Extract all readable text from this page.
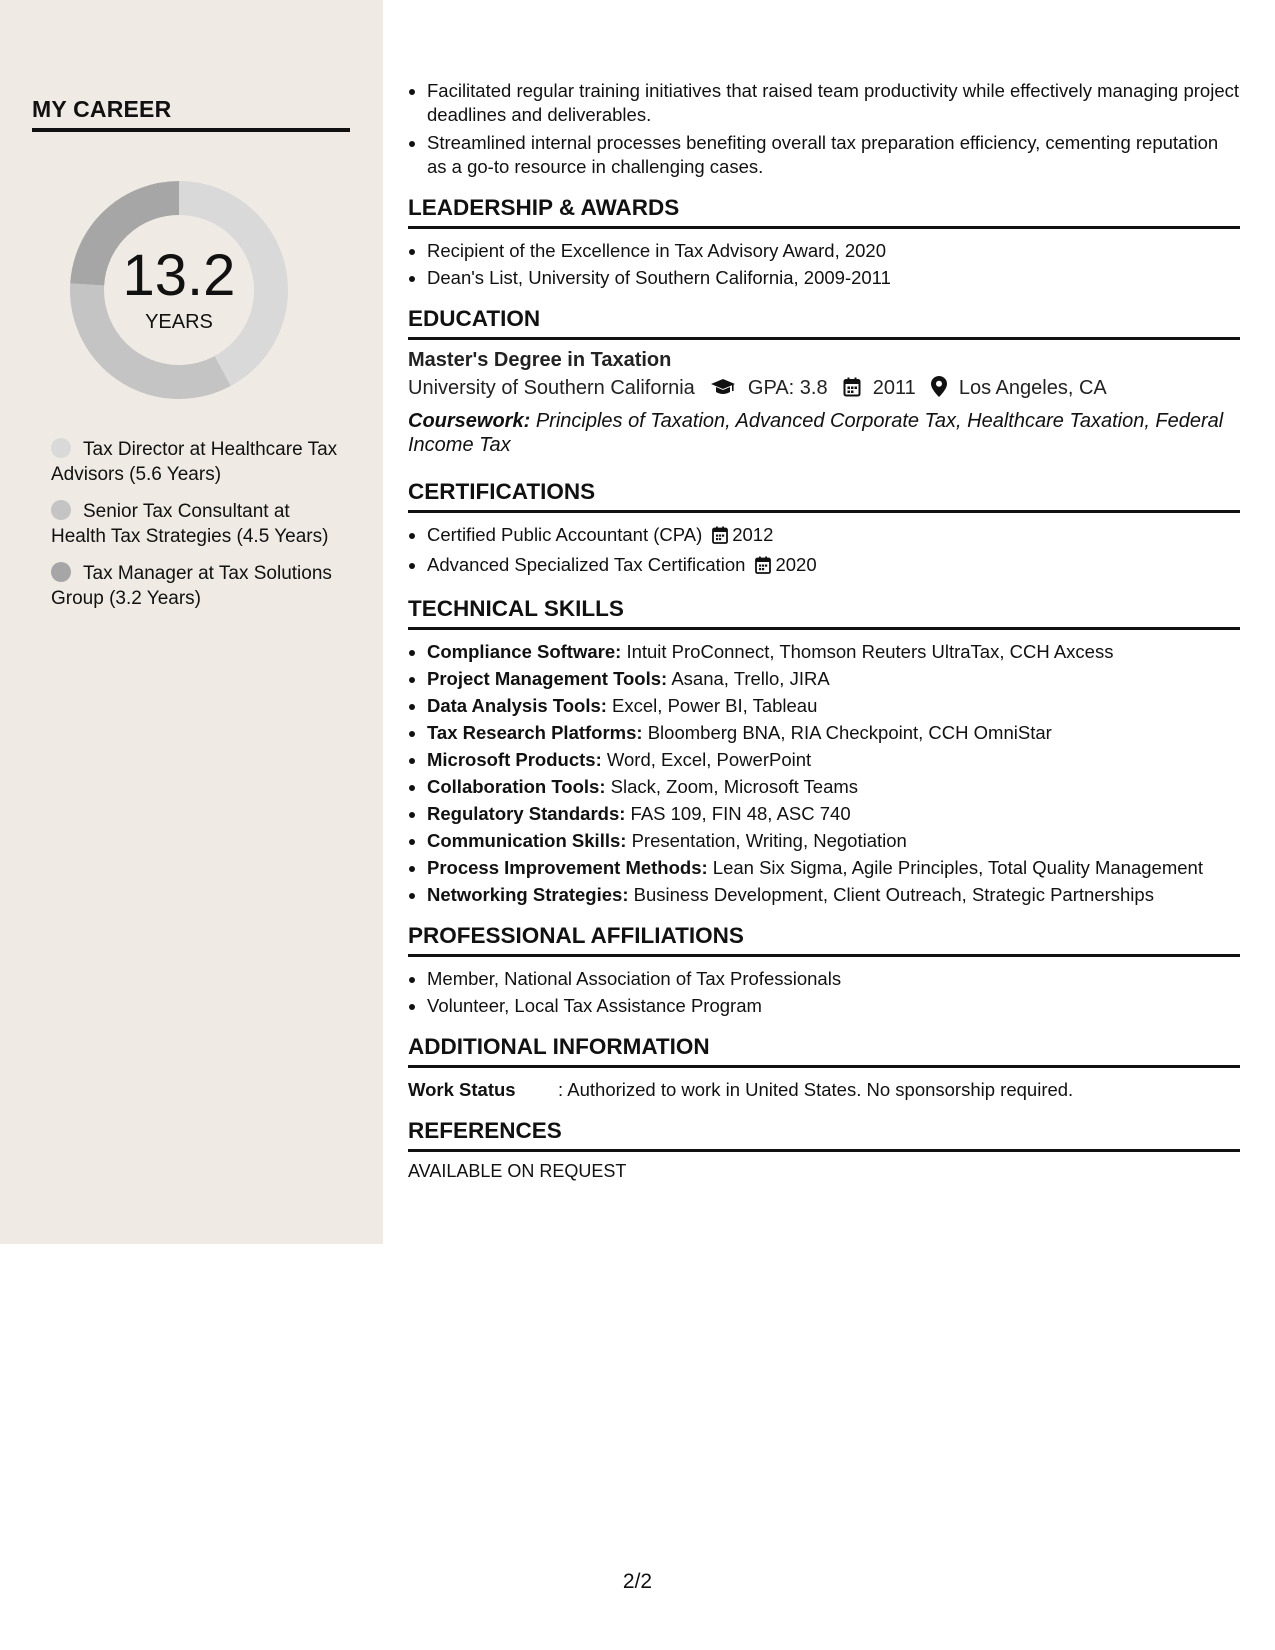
MY CAREER
13.2
YEARS
Tax Director at Healthcare Tax Advisors (5.6 Years)
Senior Tax Consultant at Health Tax Strategies (4.5 Years)
Tax Manager at Tax Solutions Group (3.2 Years)
• Facilitated regular training initiatives that raised team productivity while effectively managing project deadlines and deliverables.
• Streamlined internal processes benefiting overall tax preparation efficiency, cementing reputation as a go-to resource in challenging cases.
LEADERSHIP & AWARDS
• Recipient of the Excellence in Tax Advisory Award, 2020
• Dean's List, University of Southern California, 2009-2011
EDUCATION
Master's Degree in Taxation
University of Southern California	GPA: 3.8 2011 Los Angeles, CA
Coursework: Principles of Taxation, Advanced Corporate Tax, Healthcare Taxation, Federal Income Tax
CERTIFICATIONS
• Certified Public Accountant (CPA) 2012
• Advanced Specialized Tax Certification 2020
TECHNICAL SKILLS
• Compliance Software: Intuit ProConnect, Thomson Reuters UltraTax, CCH Axcess
• Project Management Tools: Asana, Trello, JIRA
• Data Analysis Tools: Excel, Power BI, Tableau
• Tax Research Platforms: Bloomberg BNA, RIA Checkpoint, CCH OmniStar
• Microsoft Products: Word, Excel, PowerPoint
• Collaboration Tools: Slack, Zoom, Microsoft Teams
• Regulatory Standards: FAS 109, FIN 48, ASC 740
• Communication Skills: Presentation, Writing, Negotiation
• Process Improvement Methods: Lean Six Sigma, Agile Principles, Total Quality Management
• Networking Strategies: Business Development, Client Outreach, Strategic Partnerships
PROFESSIONAL AFFILIATIONS
• Member, National Association of Tax Professionals
• Volunteer, Local Tax Assistance Program
ADDITIONAL INFORMATION
Work Status : Authorized to work in United States. No sponsorship required.
REFERENCES
AVAILABLE ON REQUEST
2/2
